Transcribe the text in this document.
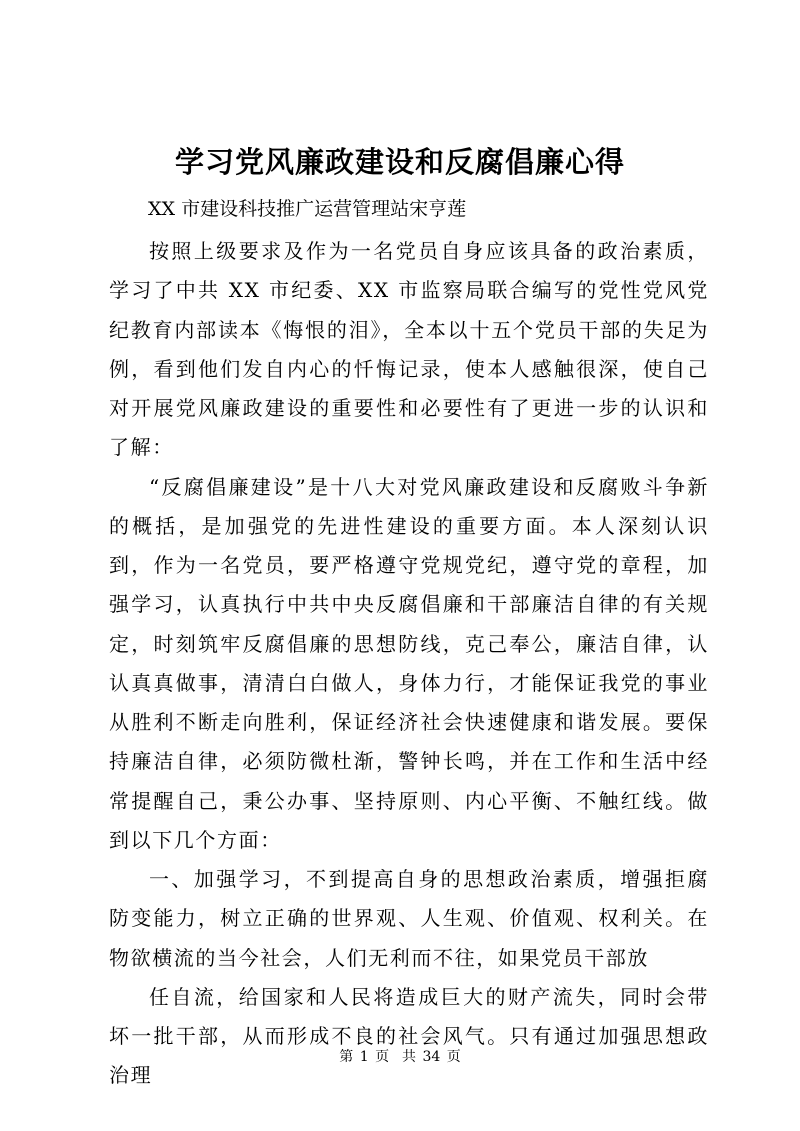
学习党风廉政建设和反腐倡廉心得

XX 市建设科技推广运营管理站宋亨莲

按照上级要求及作为一名党员自身应该具备的政治素质，学习了中共 XX 市纪委、XX 市监察局联合编写的党性党风党纪教育内部读本《悔恨的泪》，全本以十五个党员干部的失足为例，看到他们发自内心的忏悔记录，使本人感触很深，使自己对开展党风廉政建设的重要性和必要性有了更进一步的认识和了解：

“反腐倡廉建设”是十八大对党风廉政建设和反腐败斗争新的概括，是加强党的先进性建设的重要方面。本人深刻认识到，作为一名党员，要严格遵守党规党纪，遵守党的章程，加强学习，认真执行中共中央反腐倡廉和干部廉洁自律的有关规定，时刻筑牢反腐倡廉的思想防线，克己奉公，廉洁自律，认认真真做事，清清白白做人，身体力行，才能保证我党的事业从胜利不断走向胜利，保证经济社会快速健康和谐发展。要保持廉洁自律，必须防微杜渐，警钟长鸣，并在工作和生活中经常提醒自己，秉公办事、坚持原则、内心平衡、不触红线。做到以下几个方面：

一、加强学习，不到提高自身的思想政治素质，增强拒腐防变能力，树立正确的世界观、人生观、价值观、权利关。在物欲横流的当今社会，人们无利而不往，如果党员干部放

任自流，给国家和人民将造成巨大的财产流失，同时会带坏一批干部，从而形成不良的社会风气。只有通过加强思想政治理

第 1 页  共 34 页
